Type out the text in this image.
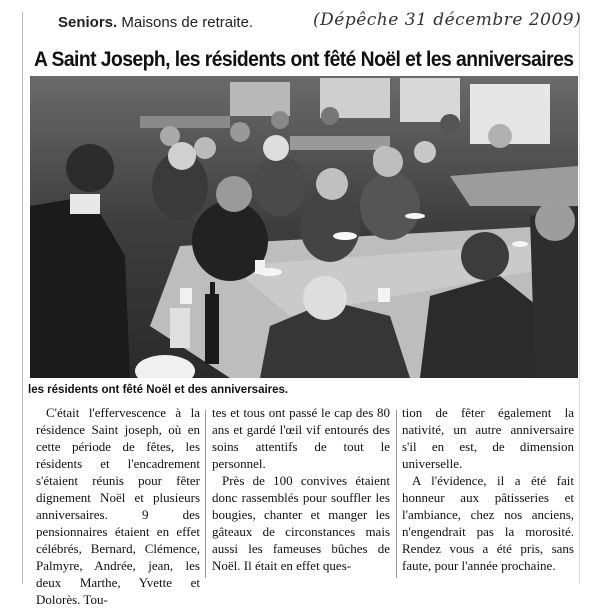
Seniors. Maisons de retraite.	(Dépêche 31 décembre 2009)
A Saint Joseph, les résidents ont fêté Noël et les anniversaires
les résidents ont fêté Noël et des anniversaires.

C'était l'effervescence à la résidence Saint joseph, où en cette période de fêtes, les résidents et l'encadrement s'étaient réunis pour fêter dignement Noël et plusieurs anniversaires. 9 des pensionnaires étaient en effet célébrés, Bernard, Clémence, Palmyre, Andrée, jean, les deux Marthe, Yvette et Dolorès. Tou-

tes et tous ont passé le cap des 80 ans et gardé l'œil vif entourés des soins attentifs de tout le personnel.

Près de 100 convives étaient donc rassemblés pour souffler les bougies, chanter et manger les gâteaux de circonstances mais aussi les fameuses bûches de Noël. Il était en effet ques-

tion de fêter également la nativité, un autre anniversaire s'il en est, de dimension universelle.

A l'évidence, il a été fait honneur aux pâtisseries et l'ambiance, chez nos anciens, n'engendrait pas la morosité. Rendez vous a été pris, sans faute, pour l'année prochaine.
